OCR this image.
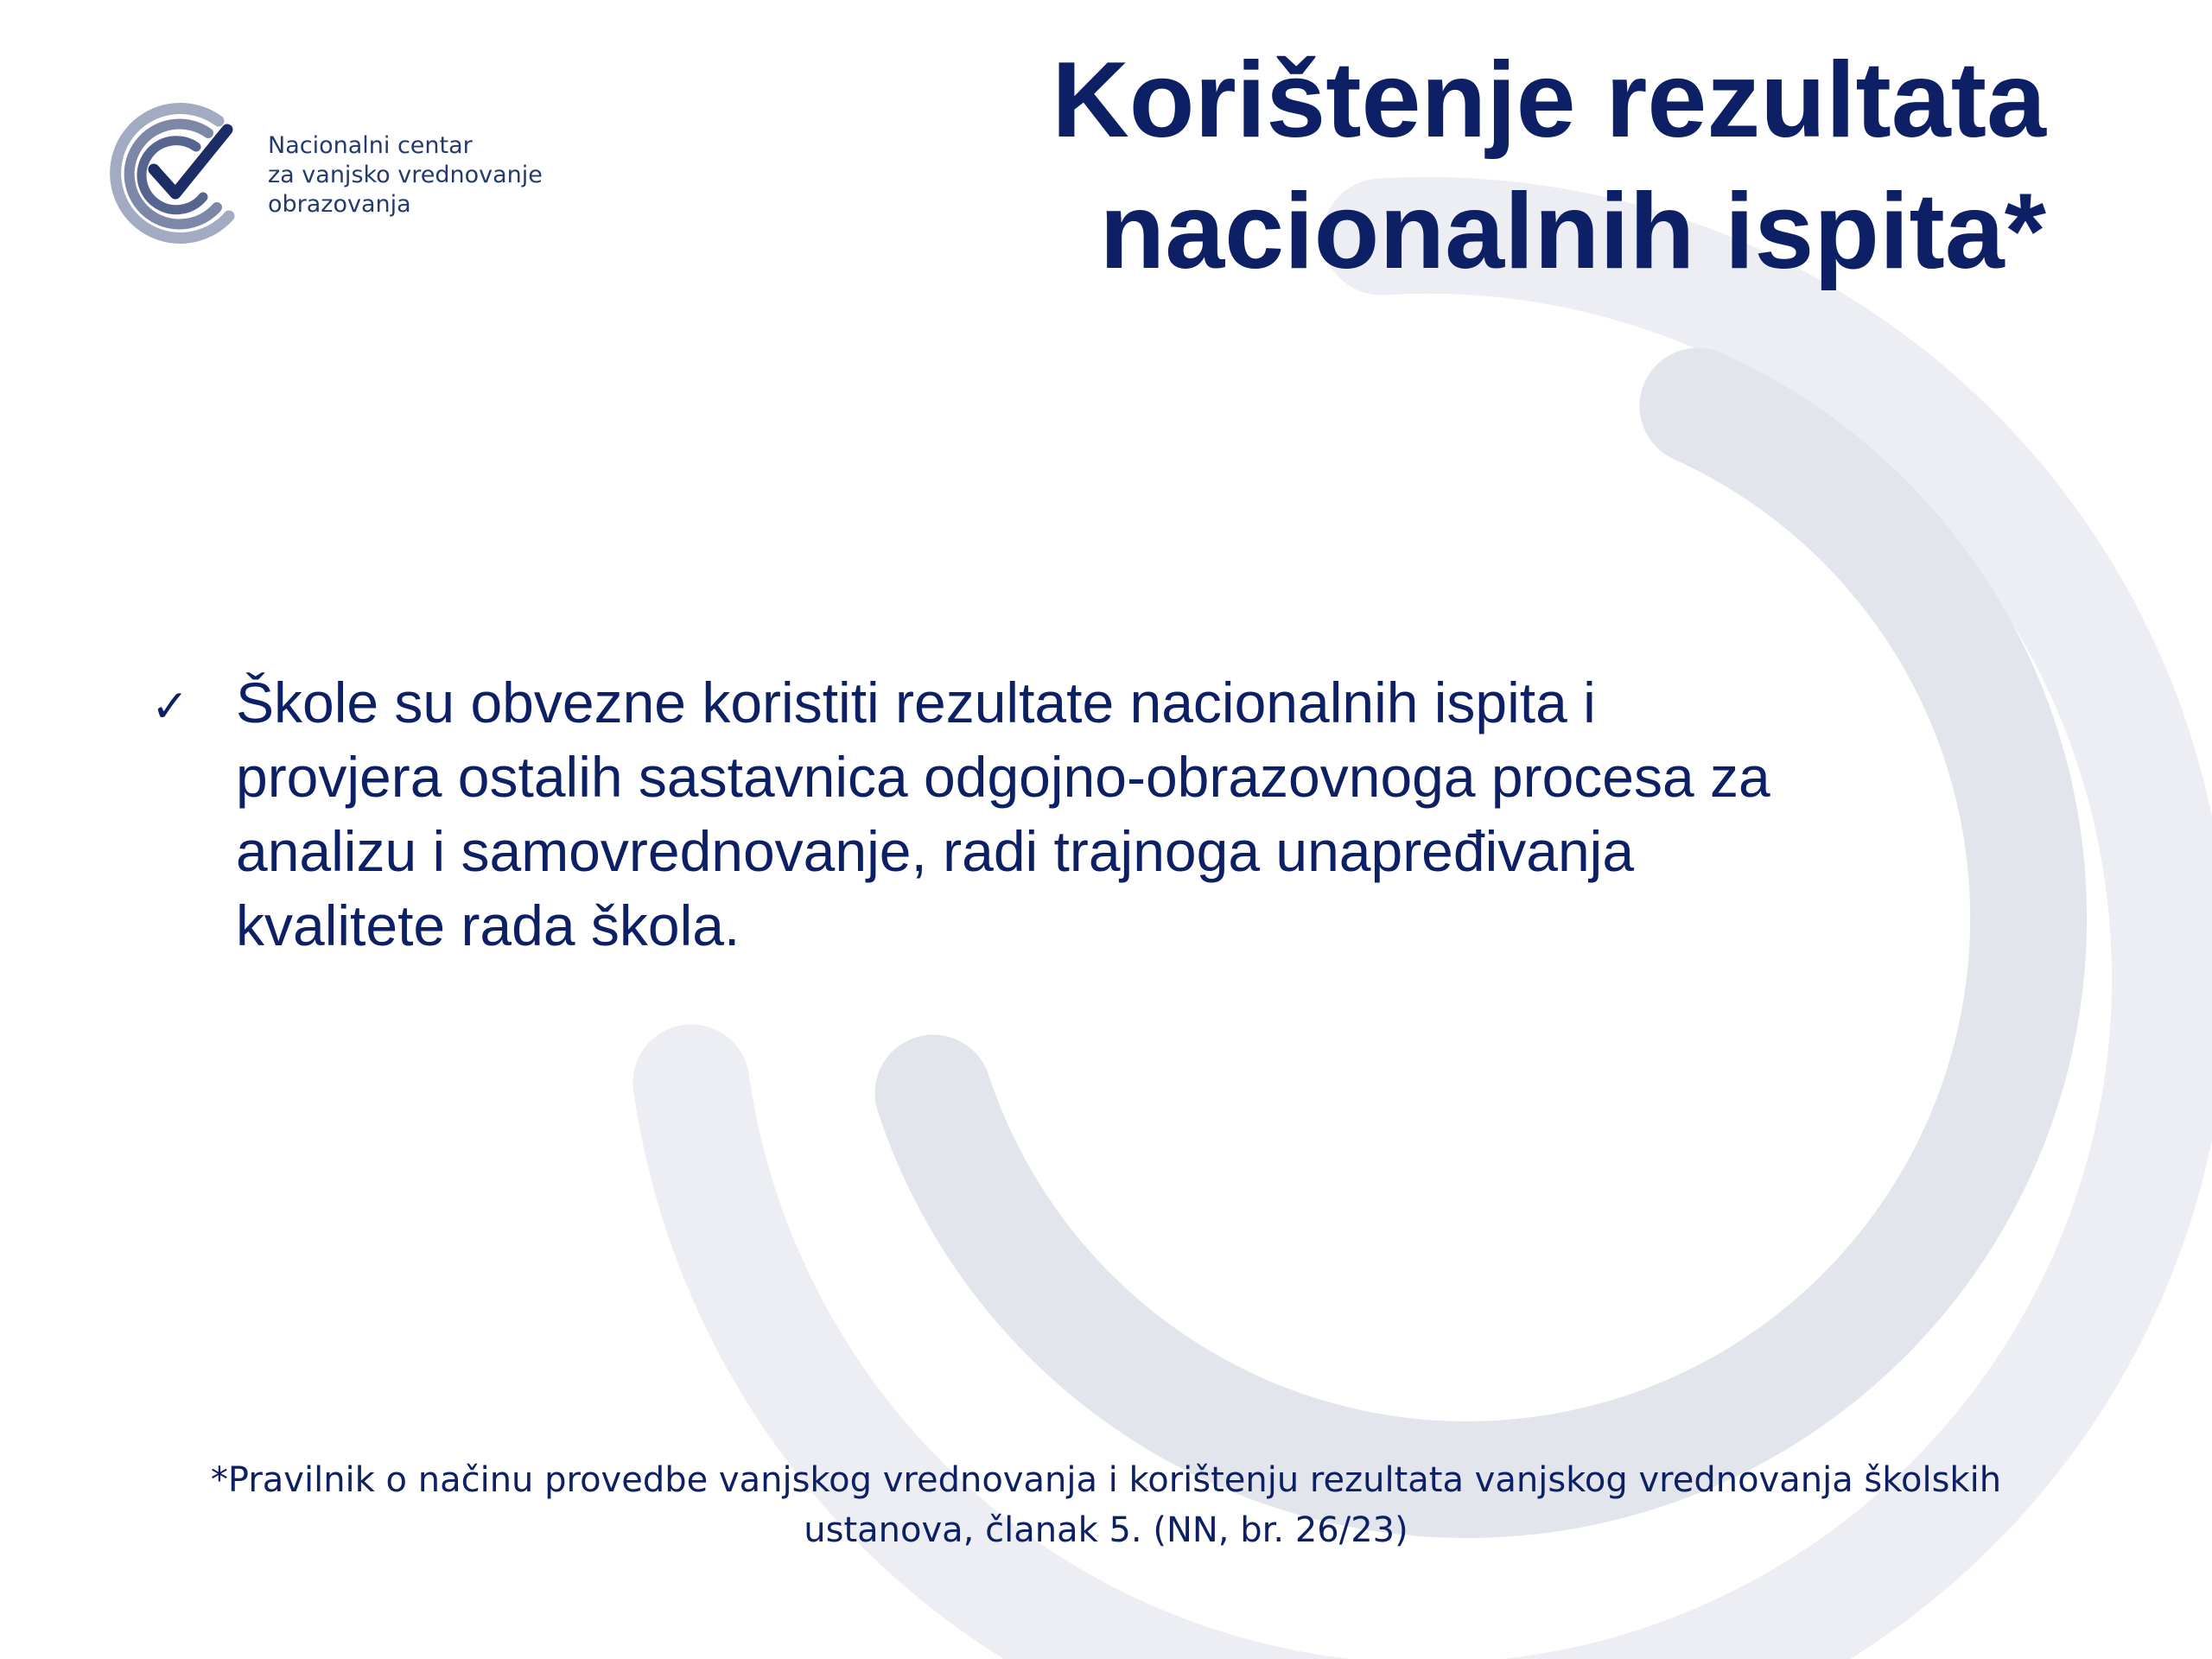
Nacionalni centar
za vanjsko vrednovanje
obrazovanja
Korištenje rezultata
nacionalnih ispita*
✓ Škole su obvezne koristiti rezultate nacionalnih ispita i
provjera ostalih sastavnica odgojno-obrazovnoga procesa za
analizu i samovrednovanje, radi trajnoga unapređivanja
kvalitete rada škola.
*Pravilnik o načinu provedbe vanjskog vrednovanja i korištenju rezultata vanjskog vrednovanja školskih
ustanova, članak 5. (NN, br. 26/23)
